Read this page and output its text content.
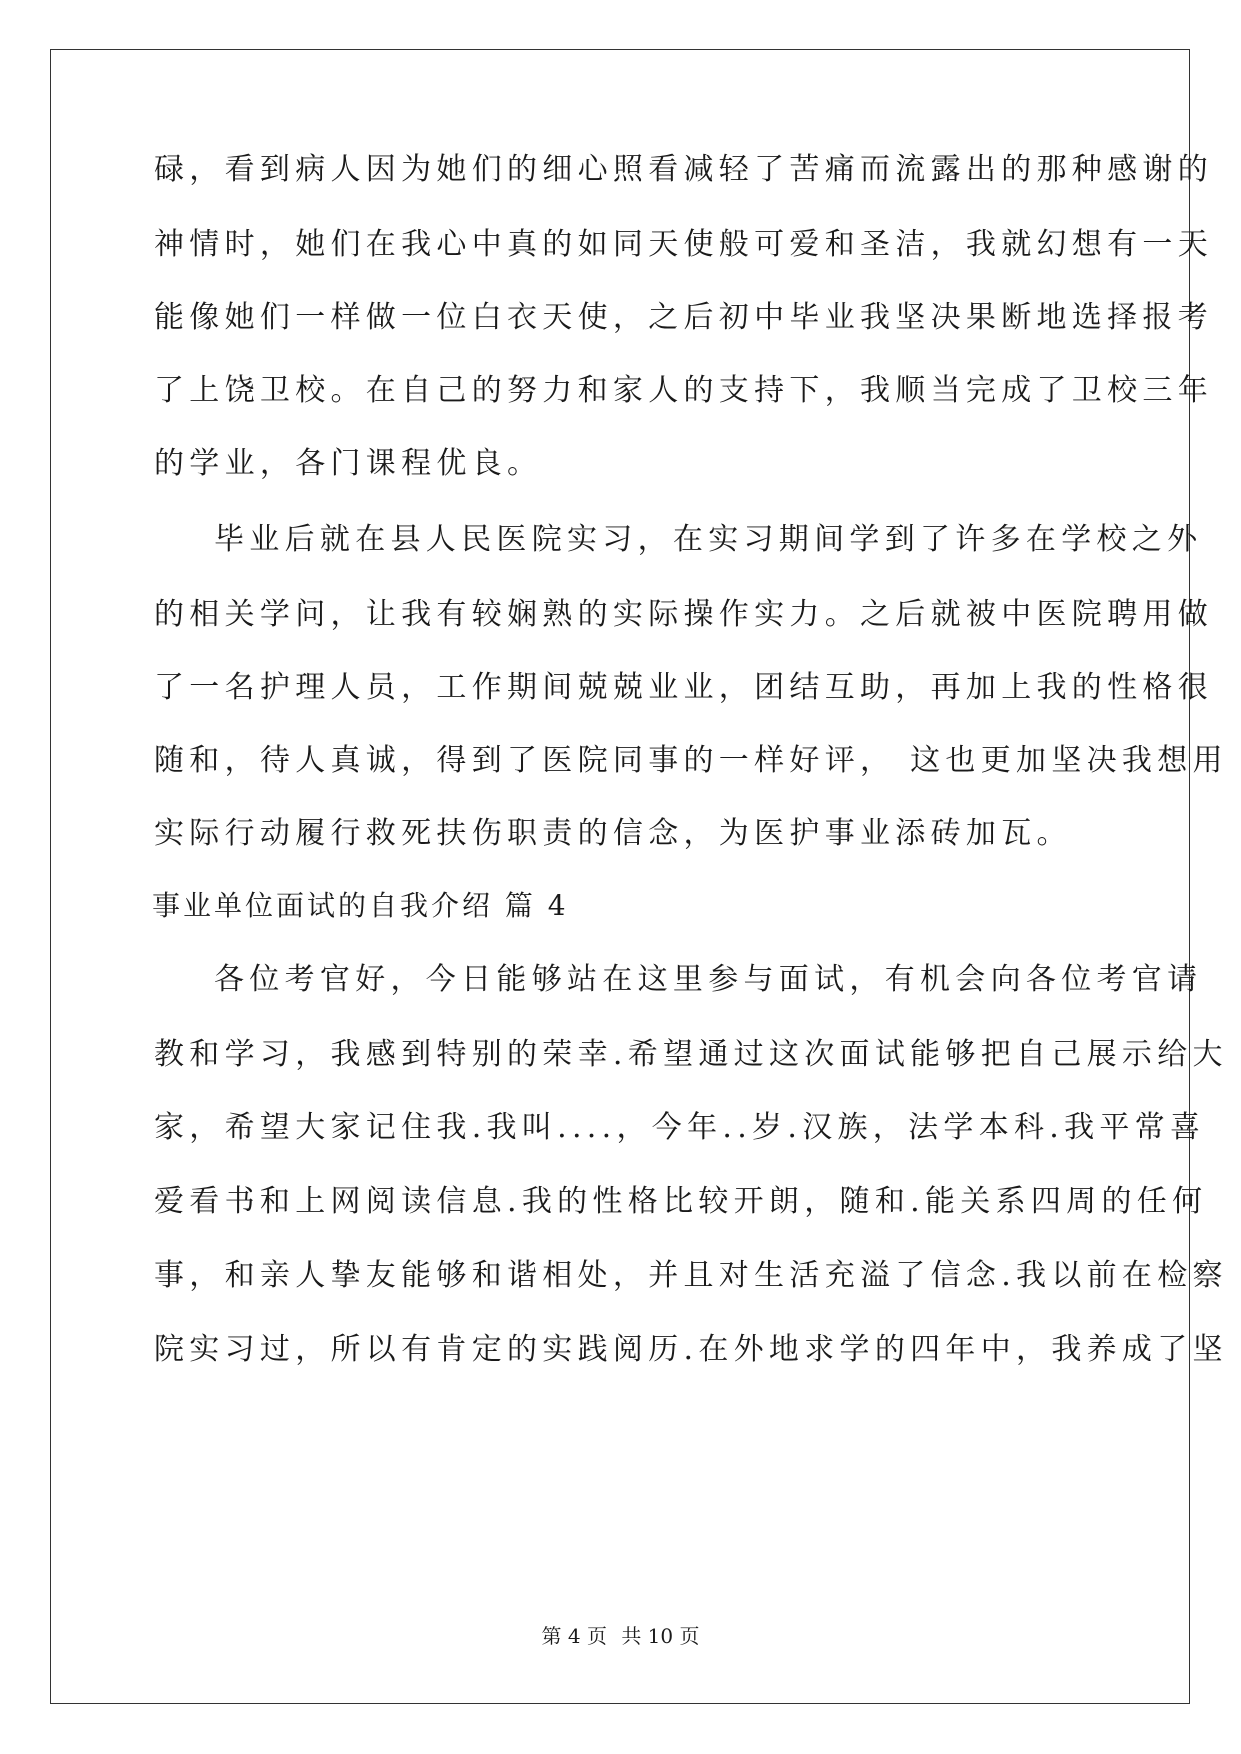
碌，看到病人因为她们的细心照看减轻了苦痛而流露出的那种感谢的
神情时，她们在我心中真的如同天使般可爱和圣洁，我就幻想有一天
能像她们一样做一位白衣天使，之后初中毕业我坚决果断地选择报考
了上饶卫校。在自己的努力和家人的支持下，我顺当完成了卫校三年
的学业，各门课程优良。
毕业后就在县人民医院实习，在实习期间学到了许多在学校之外
的相关学问，让我有较娴熟的实际操作实力。之后就被中医院聘用做
了一名护理人员，工作期间兢兢业业，团结互助，再加上我的性格很
随和，待人真诚，得到了医院同事的一样好评， 这也更加坚决我想用
实际行动履行救死扶伤职责的信念，为医护事业添砖加瓦。
事业单位面试的自我介绍 篇 4
各位考官好，今日能够站在这里参与面试，有机会向各位考官请
教和学习，我感到特别的荣幸.希望通过这次面试能够把自己展示给大
家，希望大家记住我.我叫....，今年..岁.汉族，法学本科.我平常喜
爱看书和上网阅读信息.我的性格比较开朗，随和.能关系四周的任何
事，和亲人挚友能够和谐相处，并且对生活充溢了信念.我以前在检察
院实习过，所以有肯定的实践阅历.在外地求学的四年中，我养成了坚
第 4 页 共 10 页
